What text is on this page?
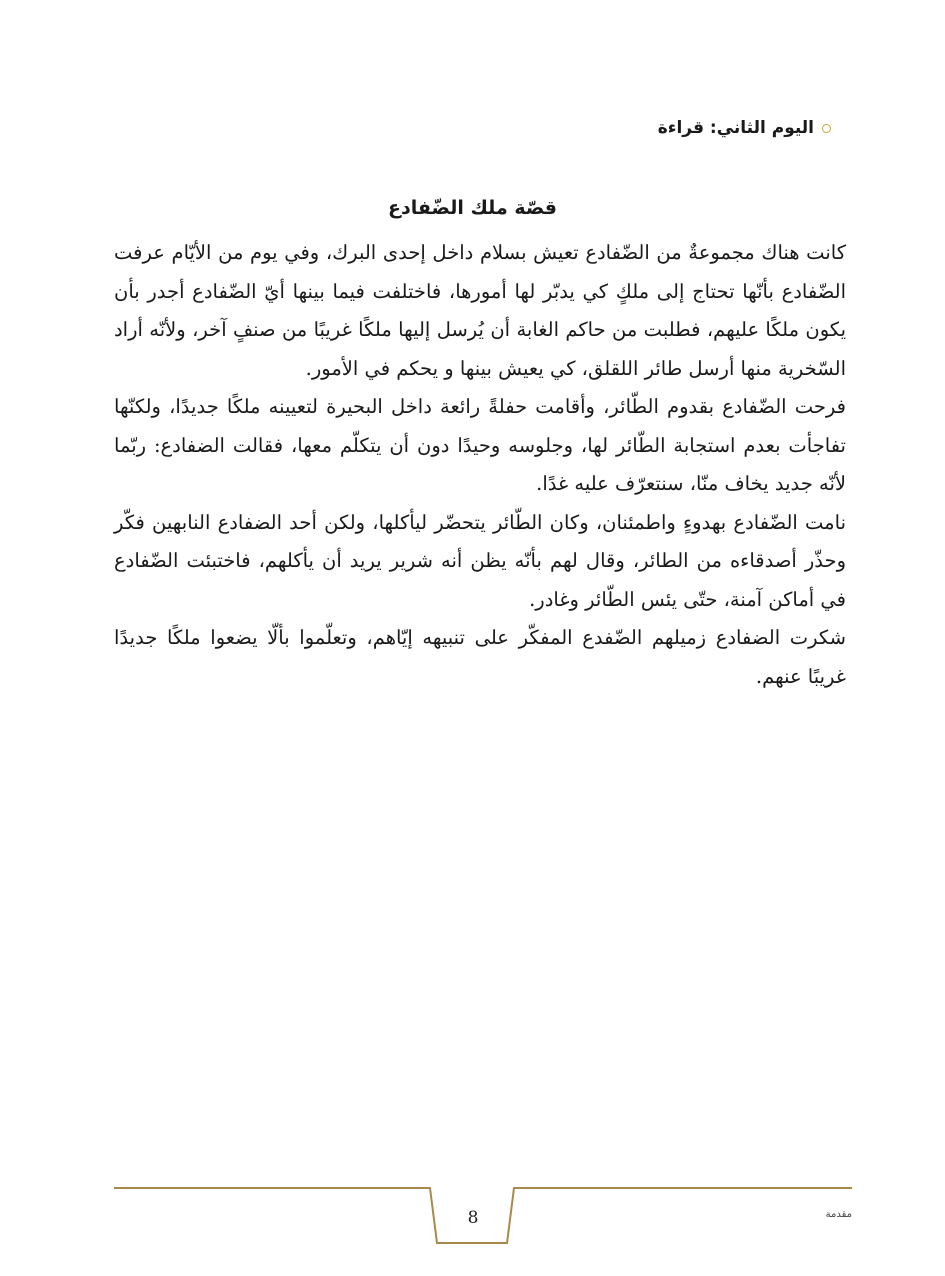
اليوم الثاني: قراءة
قصّة ملك الضّفادع

كانت هناك مجموعةٌ من الضّفادع تعيش بسلام داخل إحدى البرك، وفي يوم من الأيّام عرفت الضّفادع بأنّها تحتاج إلى ملكٍ كي يدبّر لها أمورها، فاختلفت فيما بينها أيّ الضّفادع أجدر بأن يكون ملكًا عليهم، فطلبت من حاكم الغابة أن يُرسل إليها ملكًا غريبًا من صنفٍ آخر، ولأنّه أراد السّخرية منها أرسل طائر اللقلق، كي يعيش بينها و يحكم في الأمور.

فرحت الضّفادع بقدوم الطّائر، وأقامت حفلةً رائعة داخل البحيرة لتعيينه ملكًا جديدًا، ولكنّها تفاجأت بعدم استجابة الطّائر لها، وجلوسه وحيدًا دون أن يتكلّم معها، فقالت الضفادع: ربّما لأنّه جديد يخاف منّا، سنتعرّف عليه غدًا.

نامت الضّفادع بهدوءٍ واطمئنان، وكان الطّائر يتحضّر ليأكلها، ولكن أحد الضفادع النابهين فكّر وحذّر أصدقاءه من الطائر، وقال لهم بأنّه يظن أنه شرير يريد أن يأكلهم، فاختبئت الضّفادع في أماكن آمنة، حتّى يئس الطّائر وغادر.

شكرت الضفادع زميلهم الضّفدع المفكّر على تنبيهه إيّاهم، وتعلّموا بألّا يضعوا ملكًا جديدًا غريبًا عنهم.

8	مقدمة
